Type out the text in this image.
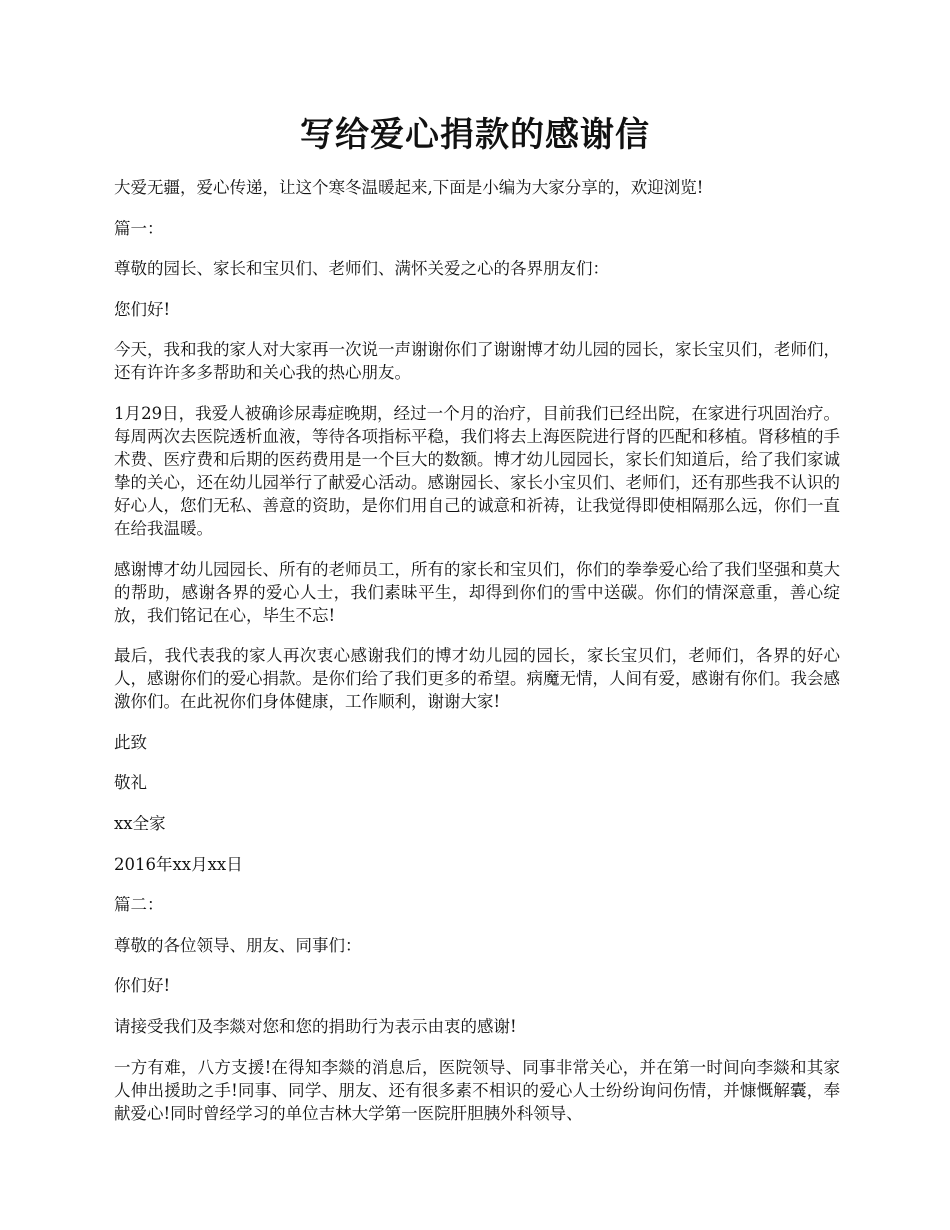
写给爱心捐款的感谢信

大爱无疆，爱心传递，让这个寒冬温暖起来,下面是小编为大家分享的，欢迎浏览!

篇一：

尊敬的园长、家长和宝贝们、老师们、满怀关爱之心的各界朋友们：

您们好!

今天，我和我的家人对大家再一次说一声谢谢你们了谢谢博才幼儿园的园长，家长宝贝们，老师们，还有许许多多帮助和关心我的热心朋友。

1月29日，我爱人被确诊尿毒症晚期，经过一个月的治疗，目前我们已经出院，在家进行巩固治疗。每周两次去医院透析血液，等待各项指标平稳，我们将去上海医院进行肾的匹配和移植。肾移植的手术费、医疗费和后期的医药费用是一个巨大的数额。博才幼儿园园长，家长们知道后，给了我们家诚挚的关心，还在幼儿园举行了献爱心活动。感谢园长、家长小宝贝们、老师们，还有那些我不认识的好心人，您们无私、善意的资助，是你们用自己的诚意和祈祷，让我觉得即使相隔那么远，你们一直在给我温暖。

感谢博才幼儿园园长、所有的老师员工，所有的家长和宝贝们，你们的拳拳爱心给了我们坚强和莫大的帮助，感谢各界的爱心人士，我们素昧平生，却得到你们的雪中送碳。你们的情深意重，善心绽放，我们铭记在心，毕生不忘!

最后，我代表我的家人再次衷心感谢我们的博才幼儿园的园长，家长宝贝们，老师们，各界的好心人，感谢你们的爱心捐款。是你们给了我们更多的希望。病魔无情，人间有爱，感谢有你们。我会感激你们。在此祝你们身体健康，工作顺利，谢谢大家!

此致

敬礼

xx全家

2016年xx月xx日

篇二：

尊敬的各位领导、朋友、同事们：

你们好!

请接受我们及李燚对您和您的捐助行为表示由衷的感谢!

一方有难，八方支援!在得知李燚的消息后，医院领导、同事非常关心，并在第一时间向李燚和其家人伸出援助之手!同事、同学、朋友、还有很多素不相识的爱心人士纷纷询问伤情，并慷慨解囊，奉献爱心!同时曾经学习的单位吉林大学第一医院肝胆胰外科领导、
